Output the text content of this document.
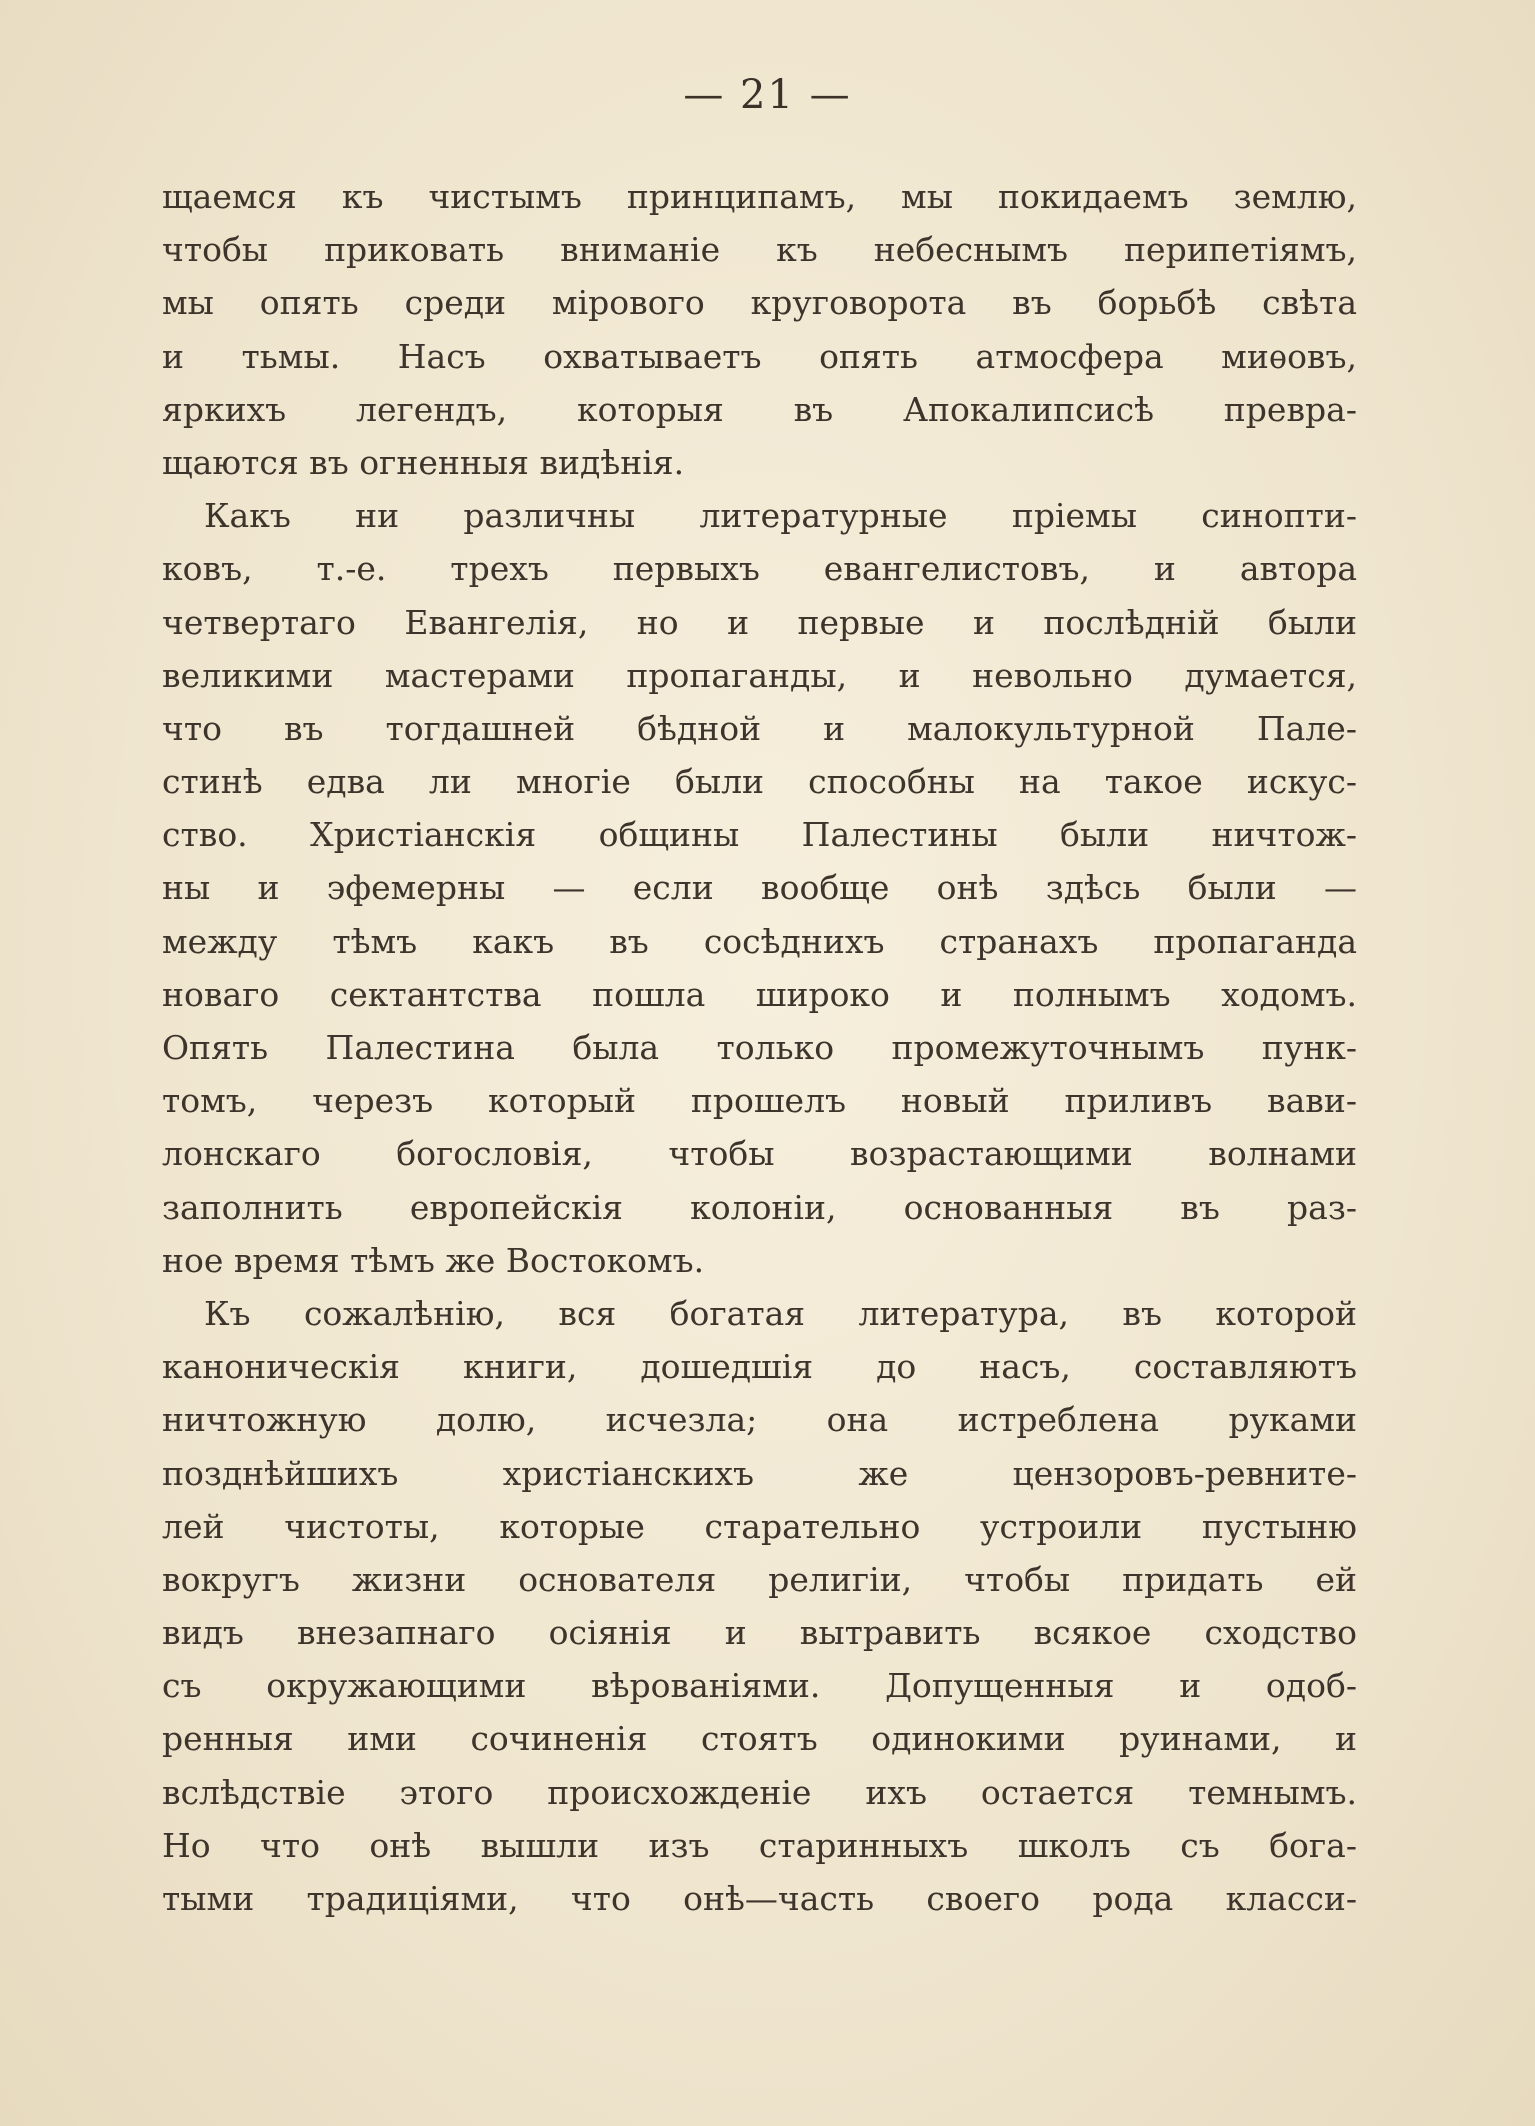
— 21 —
щаемся къ чистымъ принципамъ, мы покидаемъ землю,
чтобы приковать вниманіе къ небеснымъ перипетіямъ,
мы опять среди мірового круговорота въ борьбѣ свѣта
и тьмы. Насъ охватываетъ опять атмосфера миѳовъ,
яркихъ легендъ, которыя въ Апокалипсисѣ превра-
щаются въ огненныя видѣнія.
Какъ ни различны литературные пріемы синопти-
ковъ, т.-е. трехъ первыхъ евангелистовъ, и автора
четвертаго Евангелія, но и первые и послѣдній были
великими мастерами пропаганды, и невольно думается,
что въ тогдашней бѣдной и малокультурной Пале-
стинѣ едва ли многіе были способны на такое искус-
ство. Христіанскія общины Палестины были ничтож-
ны и эфемерны — если вообще онѣ здѣсь были —
между тѣмъ какъ въ сосѣднихъ странахъ пропаганда
новаго сектантства пошла широко и полнымъ ходомъ.
Опять Палестина была только промежуточнымъ пунк-
томъ, черезъ который прошелъ новый приливъ вави-
лонскаго богословія, чтобы возрастающими волнами
заполнить европейскія колоніи, основанныя въ раз-
ное время тѣмъ же Востокомъ.
Къ сожалѣнію, вся богатая литература, въ которой
каноническія книги, дошедшія до насъ, составляютъ
ничтожную долю, исчезла; она истреблена руками
позднѣйшихъ христіанскихъ же цензоровъ-ревните-
лей чистоты, которые старательно устроили пустыню
вокругъ жизни основателя религіи, чтобы придать ей
видъ внезапнаго осіянія и вытравить всякое сходство
съ окружающими вѣрованіями. Допущенныя и одоб-
ренныя ими сочиненія стоятъ одинокими руинами, и
вслѣдствіе этого происхожденіе ихъ остается темнымъ.
Но что онѣ вышли изъ старинныхъ школъ съ бога-
тыми традиціями, что онѣ—часть своего рода класси-
